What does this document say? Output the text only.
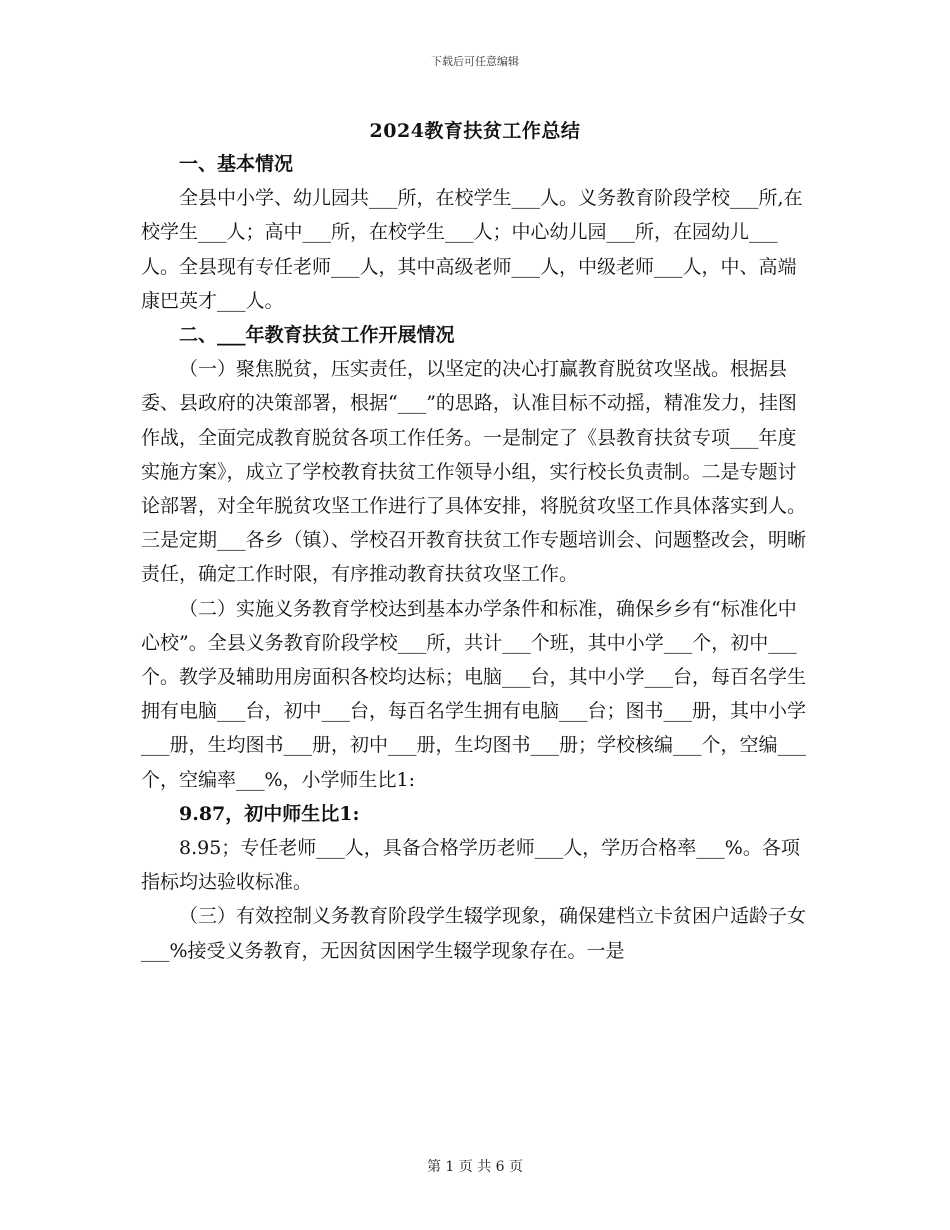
下载后可任意编辑
2024教育扶贫工作总结

一、基本情况

全县中小学、幼儿园共___所，在校学生___人。义务教育阶段学校___所,在校学生___人；高中___所，在校学生___人；中心幼儿园___所，在园幼儿___人。全县现有专任老师___人，其中高级老师___人，中级老师___人，中、高端康巴英才___人。

二、___年教育扶贫工作开展情况

（一）聚焦脱贫，压实责任，以坚定的决心打赢教育脱贫攻坚战。根据县委、县政府的决策部署，根据“___”的思路，认准目标不动摇，精准发力，挂图作战，全面完成教育脱贫各项工作任务。一是制定了《县教育扶贫专项___年度实施方案》，成立了学校教育扶贫工作领导小组，实行校长负责制。二是专题讨论部署，对全年脱贫攻坚工作进行了具体安排，将脱贫攻坚工作具体落实到人。三是定期___各乡（镇）、学校召开教育扶贫工作专题培训会、问题整改会，明晰责任，确定工作时限，有序推动教育扶贫攻坚工作。

（二）实施义务教育学校达到基本办学条件和标准，确保乡乡有“标准化中心校”。全县义务教育阶段学校___所，共计___个班，其中小学___个，初中___个。教学及辅助用房面积各校均达标；电脑___台，其中小学___台，每百名学生拥有电脑___台，初中___台，每百名学生拥有电脑___台；图书___册，其中小学___册，生均图书___册，初中___册，生均图书___册；学校核编___个，空编___个，空编率___%，小学师生比1:

9.87，初中师生比1:

8.95；专任老师___人，具备合格学历老师___人，学历合格率___%。各项指标均达验收标准。

（三）有效控制义务教育阶段学生辍学现象，确保建档立卡贫困户适龄子女___%接受义务教育，无因贫因困学生辍学现象存在。一是

第 1 页 共 6 页
